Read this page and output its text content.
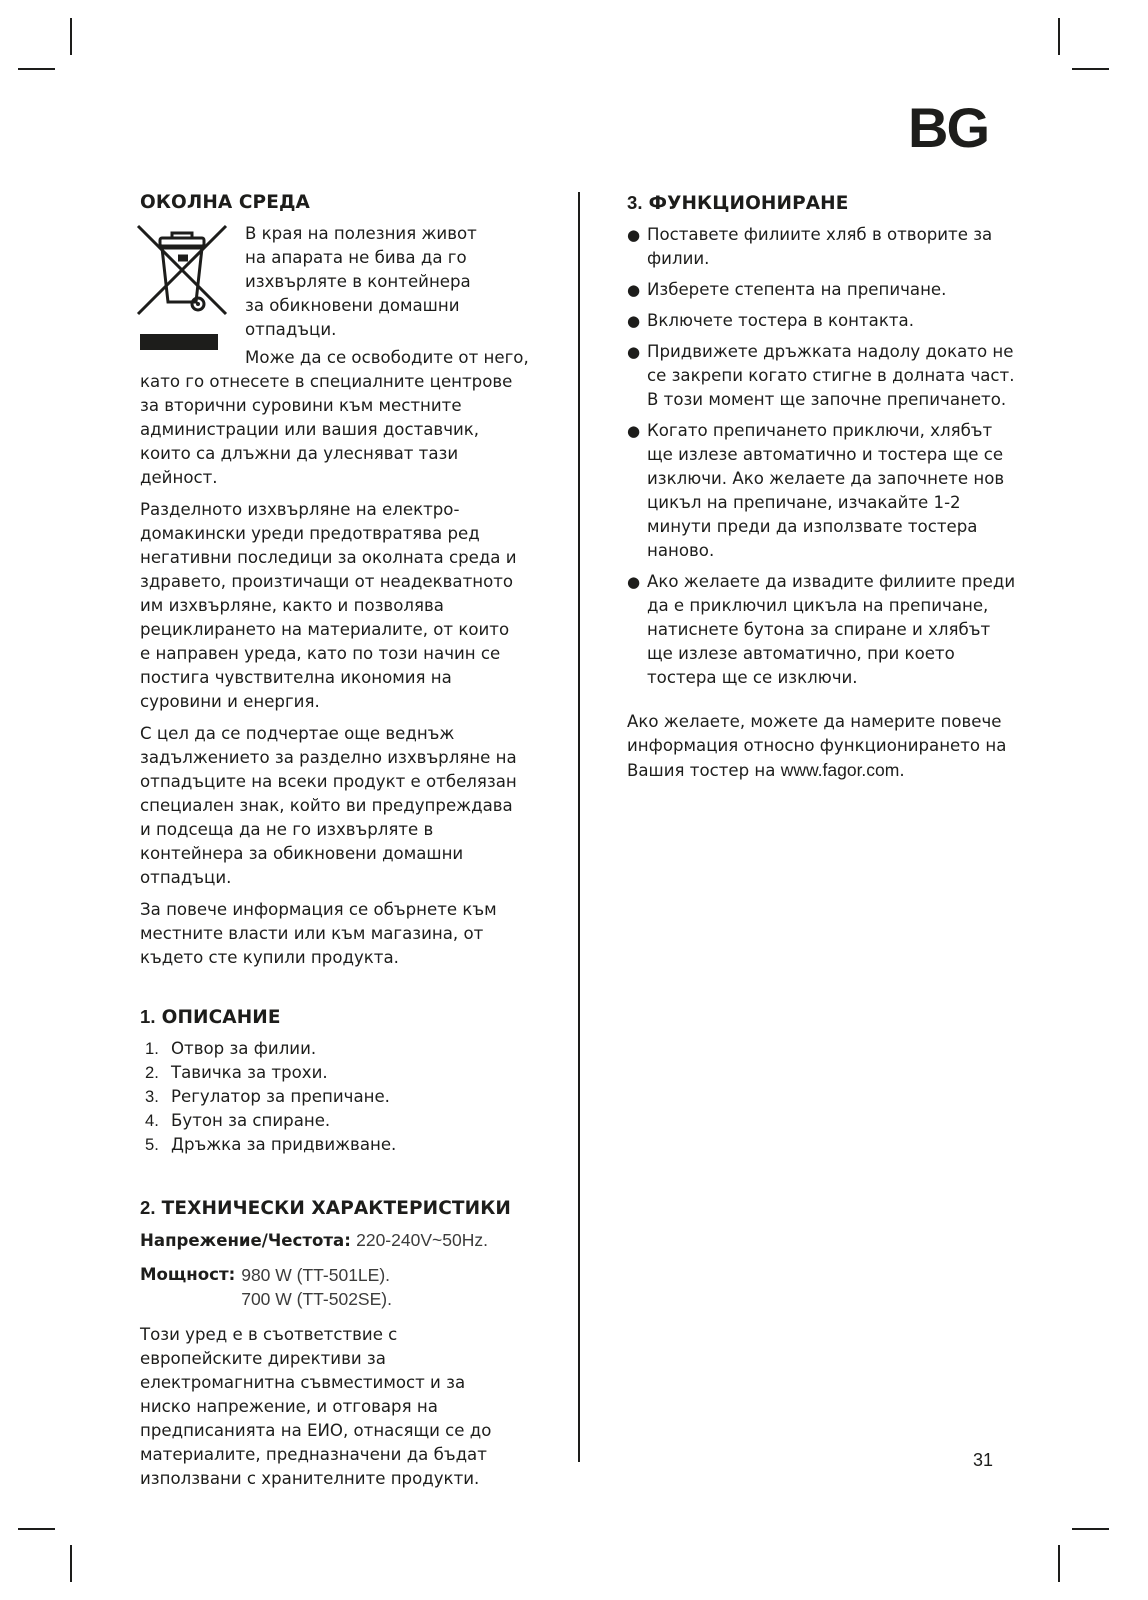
BG
ОКОЛНА СРЕДА
В края на полезния живот
на апарата не бива да го
изхвърляте в контейнера
за обикновени домашни
отпадъци.
Може да се освободите от него,

като го отнесете в специалните центрове за вторични суровини към местните администрации или вашия доставчик, които са длъжни да улесняват тази дейност.

Разделното изхвърляне на електро-домакински уреди предотвратява ред негативни последици за околната среда и здравето, произтичащи от неадекватното им изхвърляне, както и позволява рециклирането на материалите, от които е направен уреда, като по този начин се постига чувствителна икономия на суровини и енергия.

С цел да се подчертае още веднъж задължението за разделно изхвърляне на отпадъците на всеки продукт е отбелязан специален знак, който ви предупреждава и подсеща да не го изхвърляте в контейнера за обикновени домашни отпадъци.

За повече информация се обърнете към местните власти или към магазина, от където сте купили продукта.

1. ОПИСАНИЕ
1. Отвор за филии.
2. Тавичка за трохи.
3. Регулатор за препичане.
4. Бутон за спиране.
5. Дръжка за придвижване.
2. ТЕХНИЧЕСКИ ХАРАКТЕРИСТИКИ
Напрежение/Честота: 220-240V~50Hz.
Мощност: 980 W (TT-501LE).
700 W (TT-502SE).

Този уред е в съответствие с европейските директиви за електромагнитна съвместимост и за ниско напрежение, и отговаря на предписанията на ЕИО, отнасящи се до материалите, предназначени да бъдат използвани с хранителните продукти.

3. ФУНКЦИОНИРАНЕ
● Поставете филиите хляб в отворите за филии.
● Изберете степента на препичане.
● Включете тостера в контакта.
● Придвижете дръжката надолу докато не се закрепи когато стигне в долната част. В този момент ще започне препичането.
● Когато препичането приключи, хлябът ще излезе автоматично и тостера ще се изключи. Ако желаете да започнете нов цикъл на препичане, изчакайте 1-2 минути преди да използвате тостера наново.
● Ако желаете да извадите филиите преди да е приключил цикъла на препичане, натиснете бутона за спиране и хлябът ще излезе автоматично, при което тостера ще се изключи.

Ако желаете, можете да намерите повече информация относно функционирането на Вашия тостер на www.fagor.com.

31
